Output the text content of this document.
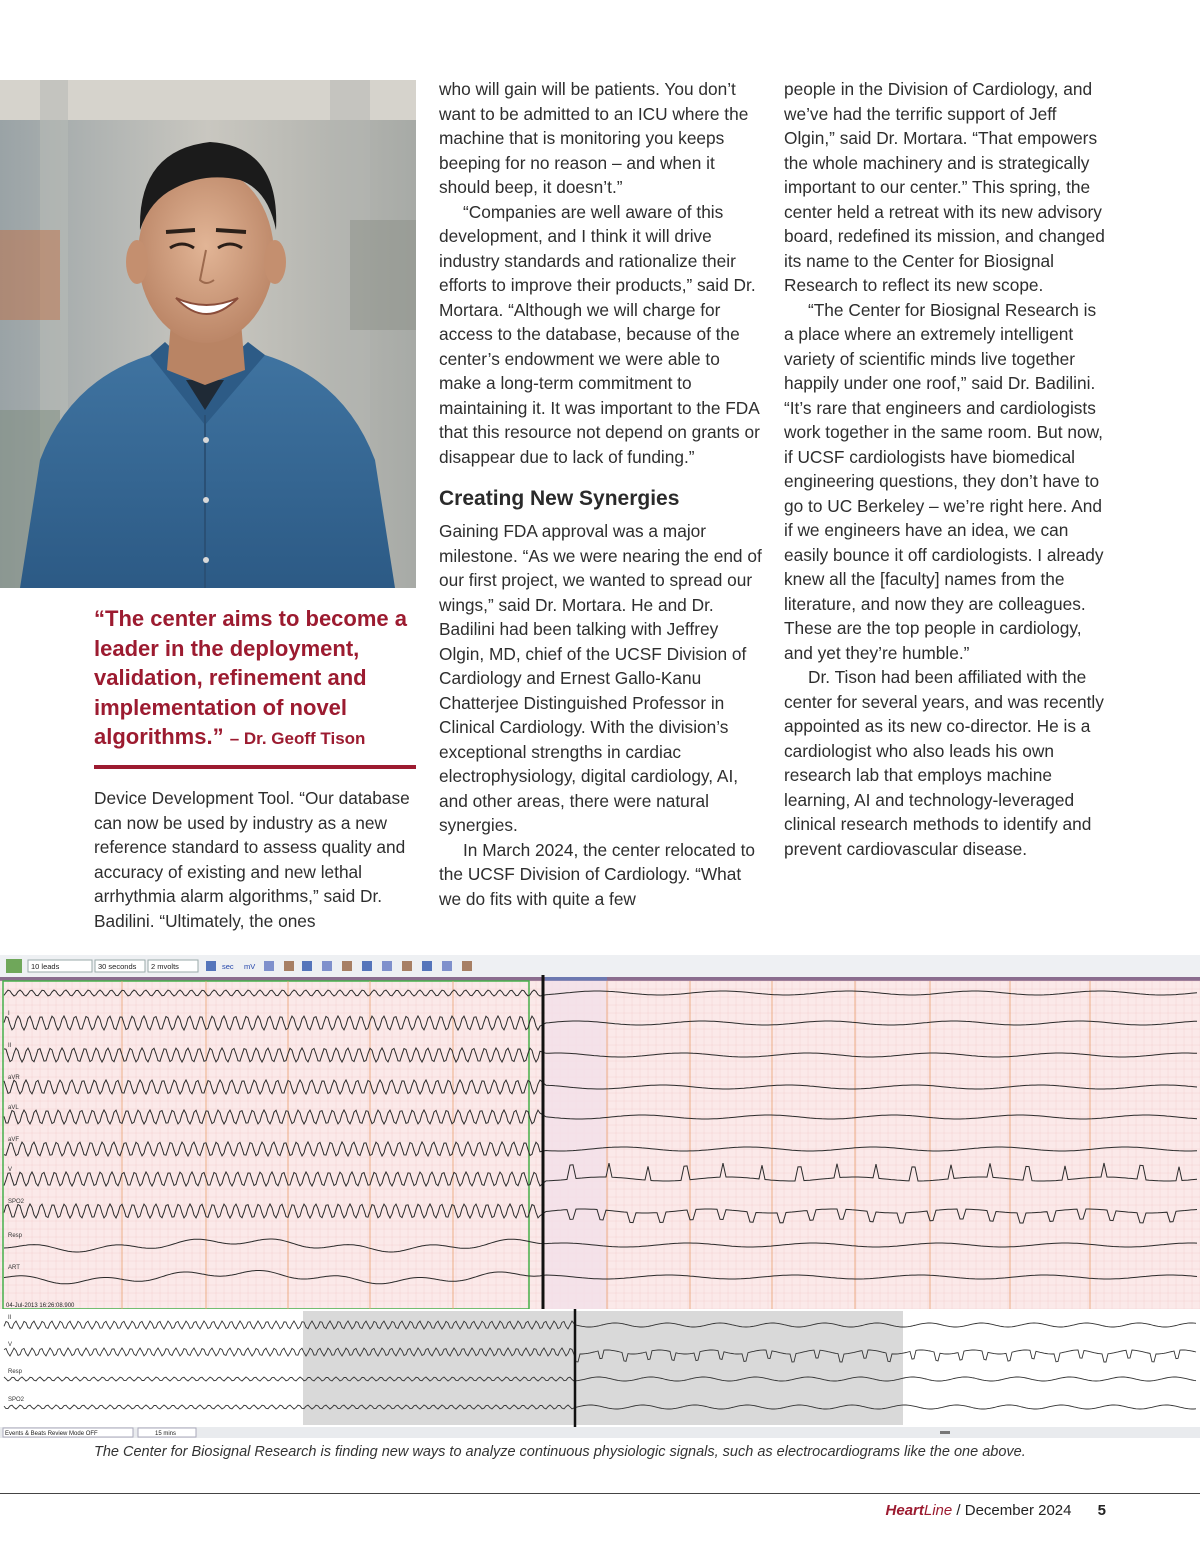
“The center aims to become a leader in the deployment, validation, refinement and implementation of novel algorithms.” – Dr. Geoff Tison

Device Development Tool. “Our database can now be used by industry as a new reference standard to assess quality and accuracy of existing and new lethal arrhythmia alarm algorithms,” said Dr. Badilini. “Ultimately, the ones

who will gain will be patients. You don’t want to be admitted to an ICU where the machine that is monitoring you keeps beeping for no reason – and when it should beep, it doesn’t.”

“Companies are well aware of this development, and I think it will drive industry standards and rationalize their efforts to improve their products,” said Dr. Mortara. “Although we will charge for access to the database, because of the center’s endowment we were able to make a long-term commitment to maintaining it. It was important to the FDA that this resource not depend on grants or disappear due to lack of funding.”

Creating New Synergies

Gaining FDA approval was a major milestone. “As we were nearing the end of our first project, we wanted to spread our wings,” said Dr. Mortara. He and Dr. Badilini had been talking with Jeffrey Olgin, MD, chief of the UCSF Division of Cardiology and Ernest Gallo-Kanu Chatterjee Distinguished Professor in Clinical Cardiology. With the division’s exceptional strengths in cardiac electrophysiology, digital cardiology, AI, and other areas, there were natural synergies.

In March 2024, the center relocated to the UCSF Division of Cardiology. “What we do fits with quite a few

people in the Division of Cardiology, and we’ve had the terrific support of Jeff Olgin,” said Dr. Mortara. “That empowers the whole machinery and is strategically important to our center.” This spring, the center held a retreat with its new advisory board, redefined its mission, and changed its name to the Center for Biosignal Research to reflect its new scope.

“The Center for Biosignal Research is a place where an extremely intelligent variety of scientific minds live together happily under one roof,” said Dr. Badilini. “It’s rare that engineers and cardiologists work together in the same room. But now, if UCSF cardiologists have biomedical engineering questions, they don’t have to go to UC Berkeley – we’re right here. And if we engineers have an idea, we can easily bounce it off cardiologists. I already knew all the [faculty] names from the literature, and now they are colleagues. These are the top people in cardiology, and yet they’re humble.”

Dr. Tison had been affiliated with the center for several years, and was recently appointed as its new co-director. He is a cardiologist who also leads his own research lab that employs machine learning, AI and technology-leveraged clinical research methods to identify and prevent cardiovascular disease.

10 leads	30 seconds 2 mvolts	sec mV
I
II
aVR
aVL
aVF
V
SPO2
Resp
ART
04-Jul-2013 16:26:08.900
II
V
Resp
SPO2
Events & Beats Review Mode OFF	15 mins
The Center for Biosignal Research is finding new ways to analyze continuous physiologic signals, such as electrocardiograms like the one above.
HeartLine / December 2024 5
